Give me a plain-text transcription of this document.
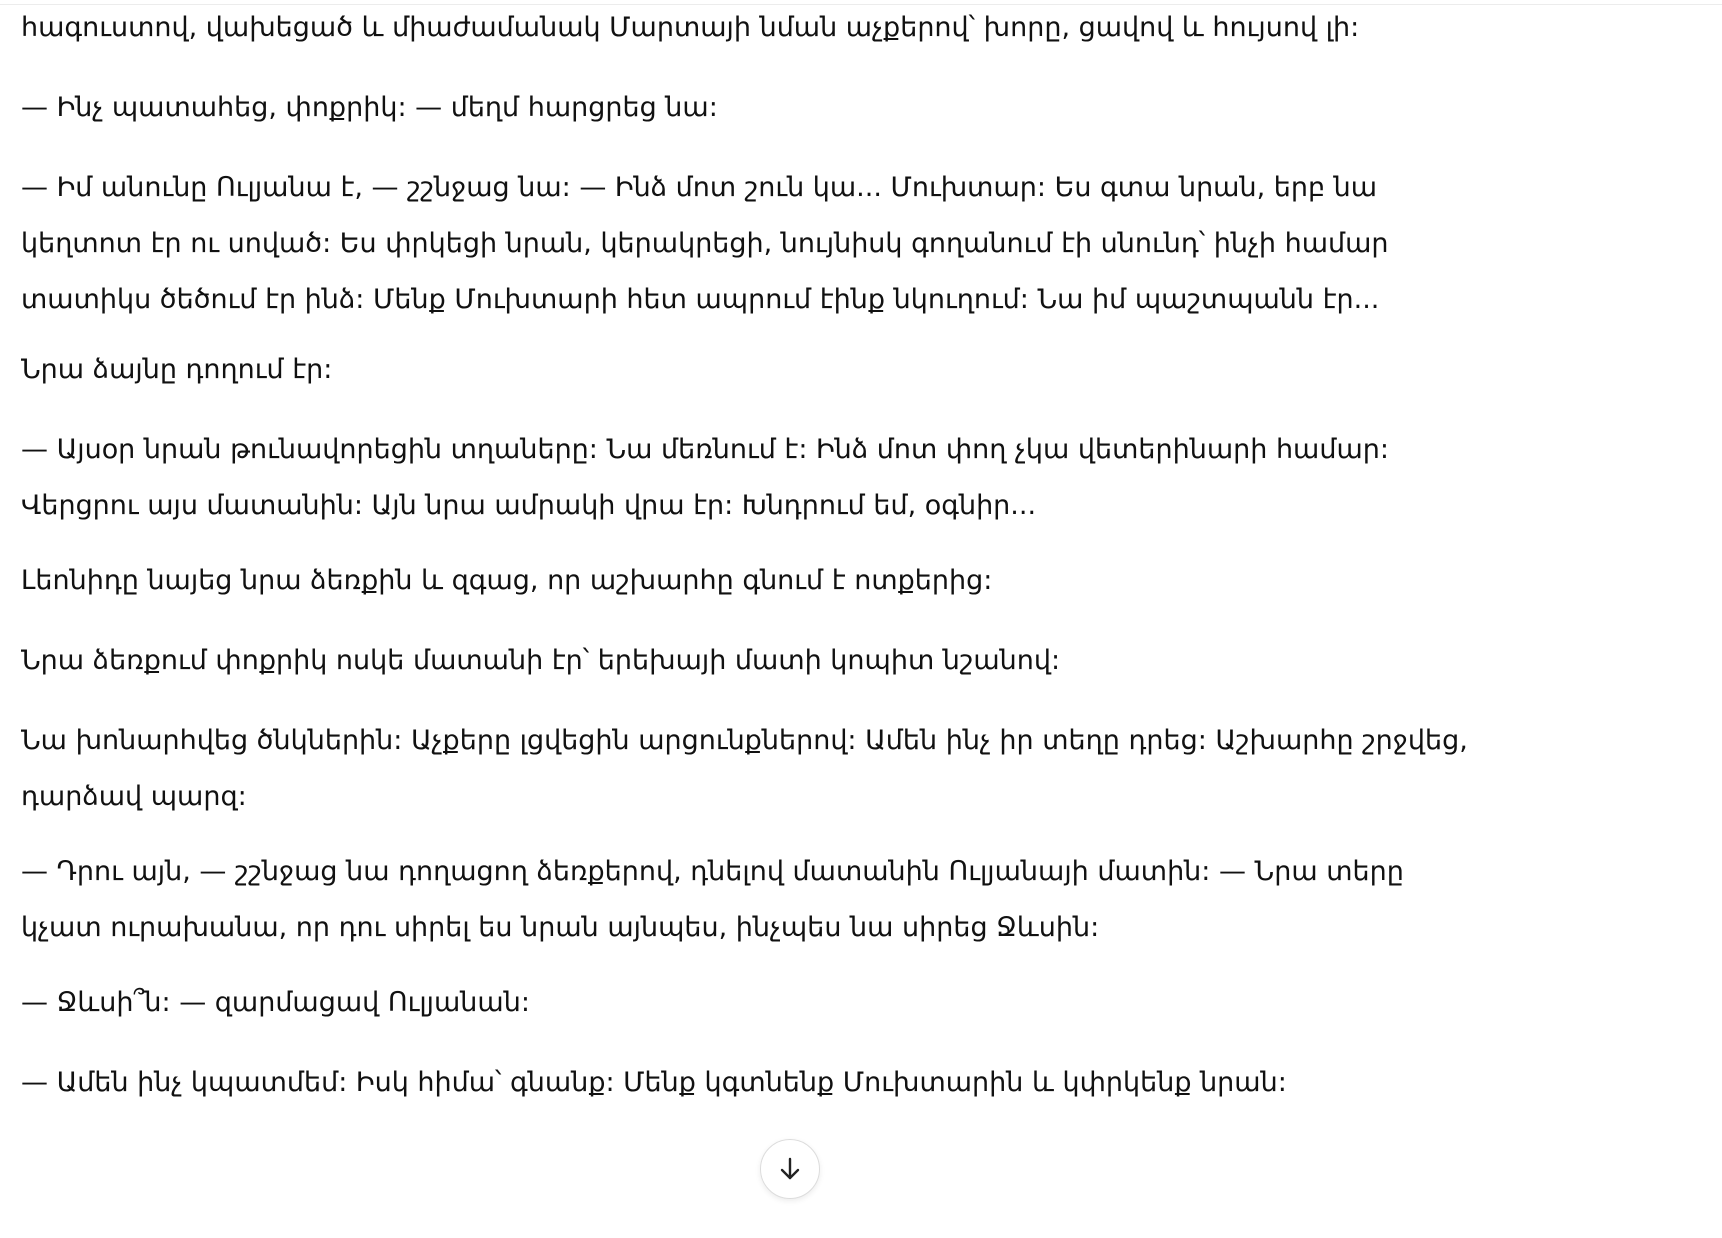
հագուստով, վախեցած և միաժամանակ Մարտայի նման աչքերով՝ խորը, ցավով և հույսով լի:

— Ինչ պատահեց, փոքրիկ: — մեղմ հարցրեց նա:

— Իմ անունը Ուլյանա է, — շշնջաց նա: — Ինձ մոտ շուն կա... Մուխտար: Ես գտա նրան, երբ նա
կեղտոտ էր ու սոված: Ես փրկեցի նրան, կերակրեցի, նույնիսկ գողանում էի սնունդ՝ ինչի համար
տատիկս ծեծում էր ինձ: Մենք Մուխտարի հետ ապրում էինք նկուղում: Նա իմ պաշտպանն էր...

Նրա ձայնը դողում էր:

— Այսօր նրան թունավորեցին տղաները: Նա մեռնում է: Ինձ մոտ փող չկա վետերինարի համար:
Վերցրու այս մատանին: Այն նրա ամրակի վրա էր: Խնդրում եմ, օգնիր...

Լեոնիդը նայեց նրա ձեռքին և զգաց, որ աշխարհը գնում է ոտքերից:

Նրա ձեռքում փոքրիկ ոսկե մատանի էր՝ երեխայի մատի կոպիտ նշանով:

Նա խոնարհվեց ծնկներին: Աչքերը լցվեցին արցունքներով: Ամեն ինչ իր տեղը դրեց: Աշխարհը շրջվեց,
դարձավ պարզ:

— Դրու այն, — շշնջաց նա դողացող ձեռքերով, դնելով մատանին Ուլյանայի մատին: — Նրա տերը
կչատ ուրախանա, որ դու սիրել ես նրան այնպես, ինչպես նա սիրեց Ջևսին:

— Ջևսի՞ն: — զարմացավ Ուլյանան:

— Ամեն ինչ կպատմեմ: Իսկ հիմա՝ գնանք: Մենք կգտնենք Մուխտարին և կփրկենք նրան:
